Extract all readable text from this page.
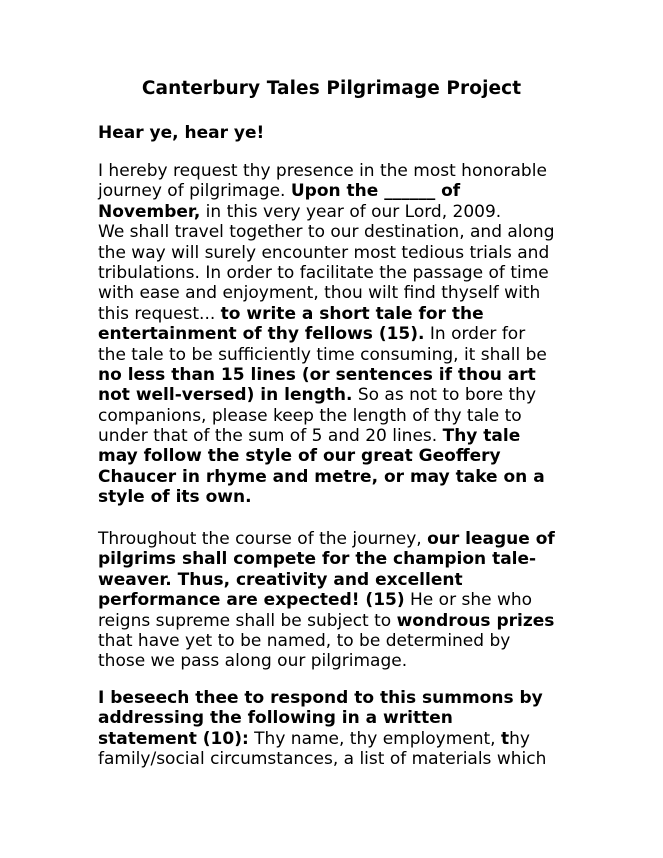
Canterbury Tales Pilgrimage Project
Hear ye, hear ye!
I hereby request thy presence in the most honorable
journey of pilgrimage. Upon the ______ of
November, in this very year of our Lord, 2009.
We shall travel together to our destination, and along
the way will surely encounter most tedious trials and
tribulations. In order to facilitate the passage of time
with ease and enjoyment, thou wilt find thyself with
this request... to write a short tale for the
entertainment of thy fellows (15). In order for
the tale to be sufficiently time consuming, it shall be
no less than 15 lines (or sentences if thou art
not well-versed) in length. So as not to bore thy
companions, please keep the length of thy tale to
under that of the sum of 5 and 20 lines. Thy tale
may follow the style of our great Geoffery
Chaucer in rhyme and metre, or may take on a
style of its own.
Throughout the course of the journey, our league of
pilgrims shall compete for the champion tale-
weaver. Thus, creativity and excellent
performance are expected! (15) He or she who
reigns supreme shall be subject to wondrous prizes
that have yet to be named, to be determined by
those we pass along our pilgrimage.
I beseech thee to respond to this summons by
addressing the following in a written
statement (10): Thy name, thy employment, thy
family/social circumstances, a list of materials which
